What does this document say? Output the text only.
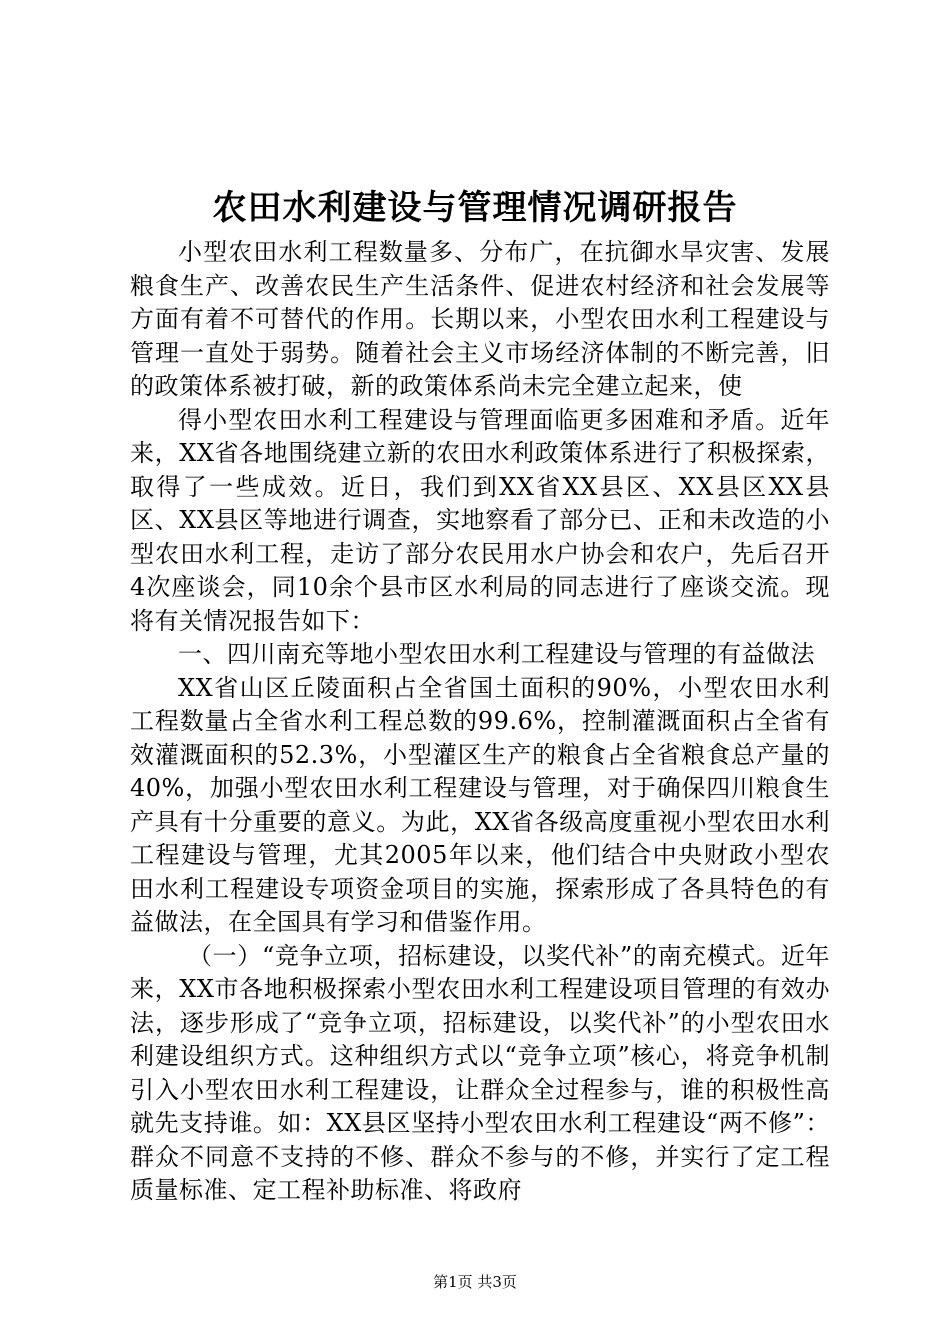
农田水利建设与管理情况调研报告

小型农田水利工程数量多、分布广，在抗御水旱灾害、发展粮食生产、改善农民生产生活条件、促进农村经济和社会发展等方面有着不可替代的作用。长期以来，小型农田水利工程建设与管理一直处于弱势。随着社会主义市场经济体制的不断完善，旧的政策体系被打破，新的政策体系尚未完全建立起来，使

得小型农田水利工程建设与管理面临更多困难和矛盾。近年来，XX省各地围绕建立新的农田水利政策体系进行了积极探索，取得了一些成效。近日，我们到XX省XX县区、XX县区XX县区、XX县区等地进行调查，实地察看了部分已、正和未改造的小型农田水利工程，走访了部分农民用水户协会和农户，先后召开4次座谈会，同10余个县市区水利局的同志进行了座谈交流。现将有关情况报告如下：

一、四川南充等地小型农田水利工程建设与管理的有益做法

XX省山区丘陵面积占全省国土面积的90%，小型农田水利工程数量占全省水利工程总数的99.6%，控制灌溉面积占全省有效灌溉面积的52.3%，小型灌区生产的粮食占全省粮食总产量的40%，加强小型农田水利工程建设与管理，对于确保四川粮食生产具有十分重要的意义。为此，XX省各级高度重视小型农田水利工程建设与管理，尤其2005年以来，他们结合中央财政小型农田水利工程建设专项资金项目的实施，探索形成了各具特色的有益做法，在全国具有学习和借鉴作用。

（一）“竞争立项，招标建设，以奖代补”的南充模式。近年来，XX市各地积极探索小型农田水利工程建设项目管理的有效办法，逐步形成了“竞争立项，招标建设，以奖代补”的小型农田水利建设组织方式。这种组织方式以“竞争立项”核心，将竞争机制引入小型农田水利工程建设，让群众全过程参与，谁的积极性高就先支持谁。如：XX县区坚持小型农田水利工程建设“两不修”：群众不同意不支持的不修、群众不参与的不修，并实行了定工程质量标准、定工程补助标准、将政府

第1页 共3页
